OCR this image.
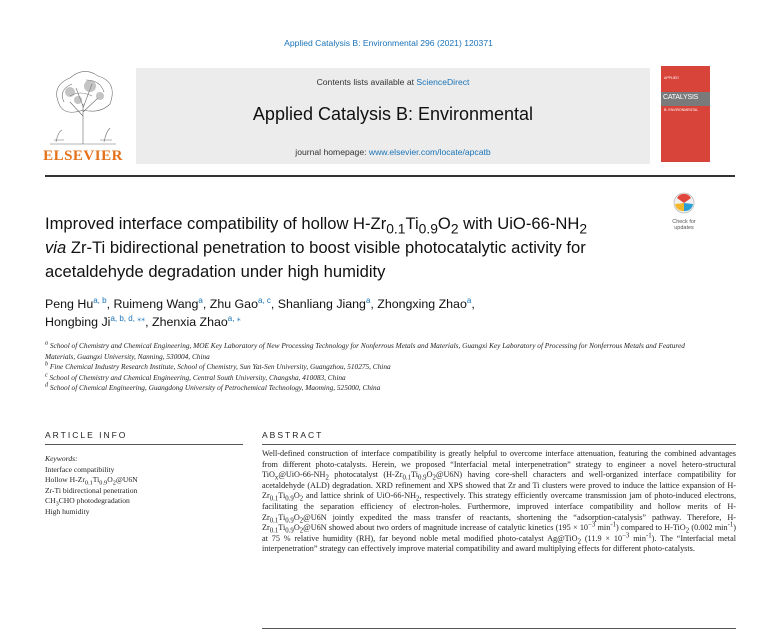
Applied Catalysis B: Environmental 296 (2021) 120371
ELSEVIER
Contents lists available at ScienceDirect
Applied Catalysis B: Environmental
journal homepage: www.elsevier.com/locate/apcatb
APPLIED
CATALYSIS
B: ENVIRONMENTAL
Improved interface compatibility of hollow $H-Zr_{0.1}Ti_{0.9}O_2$ with UiO-$66-NH_2$
via Zr-Ti bidirectional penetration to boost visible photocatalytic activity for acetaldehyde degradation under high humidity
Check for
updates
Peng Hu$^{a, b}$, Ruimeng Wang$^a$, Zhu Gao$^{a, c}$, Shanliang Jiang$^a$, Zhongxing Zhao$^a$,
Hongbing $Ji^{a, b, d, ⁎⁎}$, Zhenxia Zhao$^{a, ⁎}$
$^a$ School of Chemistry and Chemical Engineering, MOE Key Laboratory of New Processing Technology for Nonferrous Metals and Materials, Guangxi Key Laboratory of Processing for Nonferrous Metals and Featured Materials, Guangxi University, Nanning, 530004, China
$^b$ Fine Chemical Industry Research Institute, School of Chemistry, Sun Yat-Sen University, Guangzhou, 510275, China
$^c$ School of Chemistry and Chemical Engineering, Central South University, Changsha, 410083, China
$^d$ School of Chemical Engineering, Guangdong University of Petrochemical Technology, Maoming, 525000, China
ARTICLE INFO	ABSTRACT
Keywords:
Interface compatibility
Hollow $H-Zr_{0.1}Ti_{0.9}O_2@U6N$
Zr-Ti bidirectional penetration
$CH_3CHO$ photodegradation
High humidity
Well-defined construction of interface compatibility is greatly helpful to overcome interface attenuation, featuring the combined advantages from different photo-catalysts. Herein, we proposed “Interfacial metal interpenetration” strategy to engineer a novel hetero-structural $TiO_x@UiO-66-NH_2$ photocatalyst $(H-Zr_{0.1}Ti_{0.9}O_2@U6N)$ having core-shell characters and well-organized interface compatibility for acetaldehyde (ALD) degradation. XRD refinement and XPS showed that Zr and Ti clusters were proved to induce the lattice expansion of $H-Zr_{0.1}Ti_{0.9}O_2$ and lattice shrink of UiO-$66-NH_2$, respectively. This strategy efficiently overcame transmission jam of photo-induced electrons, facilitating the separation efficiency of electron-holes. Furthermore, improved interface compatibility and hollow merits of $H-Zr_{0.1}Ti_{0.9}O_2@U6N$ jointly expedited the mass transfer of reactants, shortening the “adsorption-catalysis” pathway. Therefore, $H-Zr_{0.1}Ti_{0.9}O_2@U6N$ showed about two orders of magnitude increase of catalytic kinetics ($195 \times 10^{-3}$ $\min^{-1}$) compared to H-TiO$_2$ (0.002 $\min^{-1}$) at 75 % relative humidity (RH), far beyond noble metal modified photo-catalyst Ag@TiO$_2$ ($11.9 \times 10^{-3}$ $\min^{-1}$). The “Interfacial metal interpenetration” strategy can effectively improve material compatibility and award multiplying effects for different photo-catalysts.
